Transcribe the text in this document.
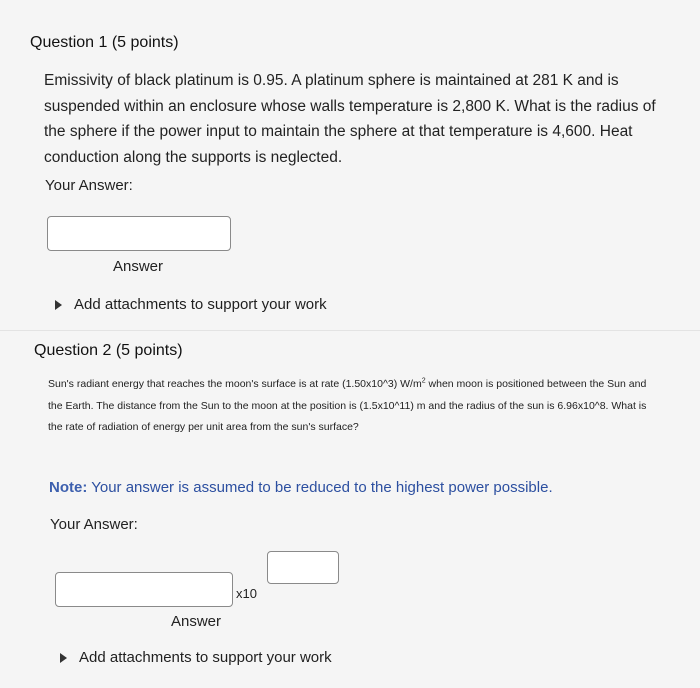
Question 1 (5 points)
Emissivity of black platinum is 0.95. A platinum sphere is maintained at 281 K and is suspended within an enclosure whose walls temperature is 2,800 K. What is the radius of the sphere if the power input to maintain the sphere at that temperature is 4,600. Heat conduction along the supports is neglected.
Your Answer:
Answer
Add attachments to support your work
Question 2 (5 points)
Sun's radiant energy that reaches the moon's surface is at rate (1.50x10^3) $W/m^2$ when moon is positioned between the Sun and the Earth. The distance from the Sun to the moon at the position is (1.5x10^11) m and the radius of the sun is 6.96x10^8. What is the rate of radiation of energy per unit area from the sun's surface?
Note: Your answer is assumed to be reduced to the highest power possible.
Your Answer:
x10
Answer
Add attachments to support your work
